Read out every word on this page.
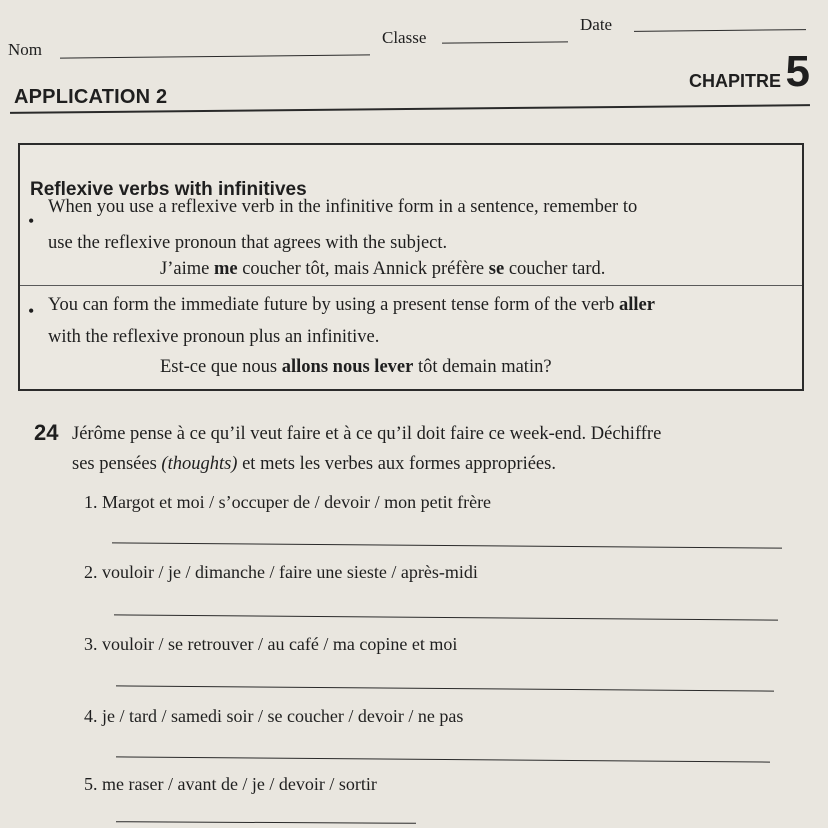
Nom
Classe
Date
CHAPITRE 5
APPLICATION 2
Reflexive verbs with infinitives
•
When you use a reflexive verb in the infinitive form in a sentence, remember to
use the reflexive pronoun that agrees with the subject.
J’aime me coucher tôt, mais Annick préfère se coucher tard.
• You can form the immediate future by using a present tense form of the verb aller
with the reflexive pronoun plus an infinitive.
Est-ce que nous allons nous lever tôt demain matin?
24 Jérôme pense à ce qu’il veut faire et à ce qu’il doit faire ce week-end. Déchiffre
ses pensées (thoughts) et mets les verbes aux formes appropriées.
1. Margot et moi / s’occuper de / devoir / mon petit frère
2. vouloir / je / dimanche / faire une sieste / après-midi
3. vouloir / se retrouver / au café / ma copine et moi
4. je / tard / samedi soir / se coucher / devoir / ne pas
5. me raser / avant de / je / devoir / sortir
